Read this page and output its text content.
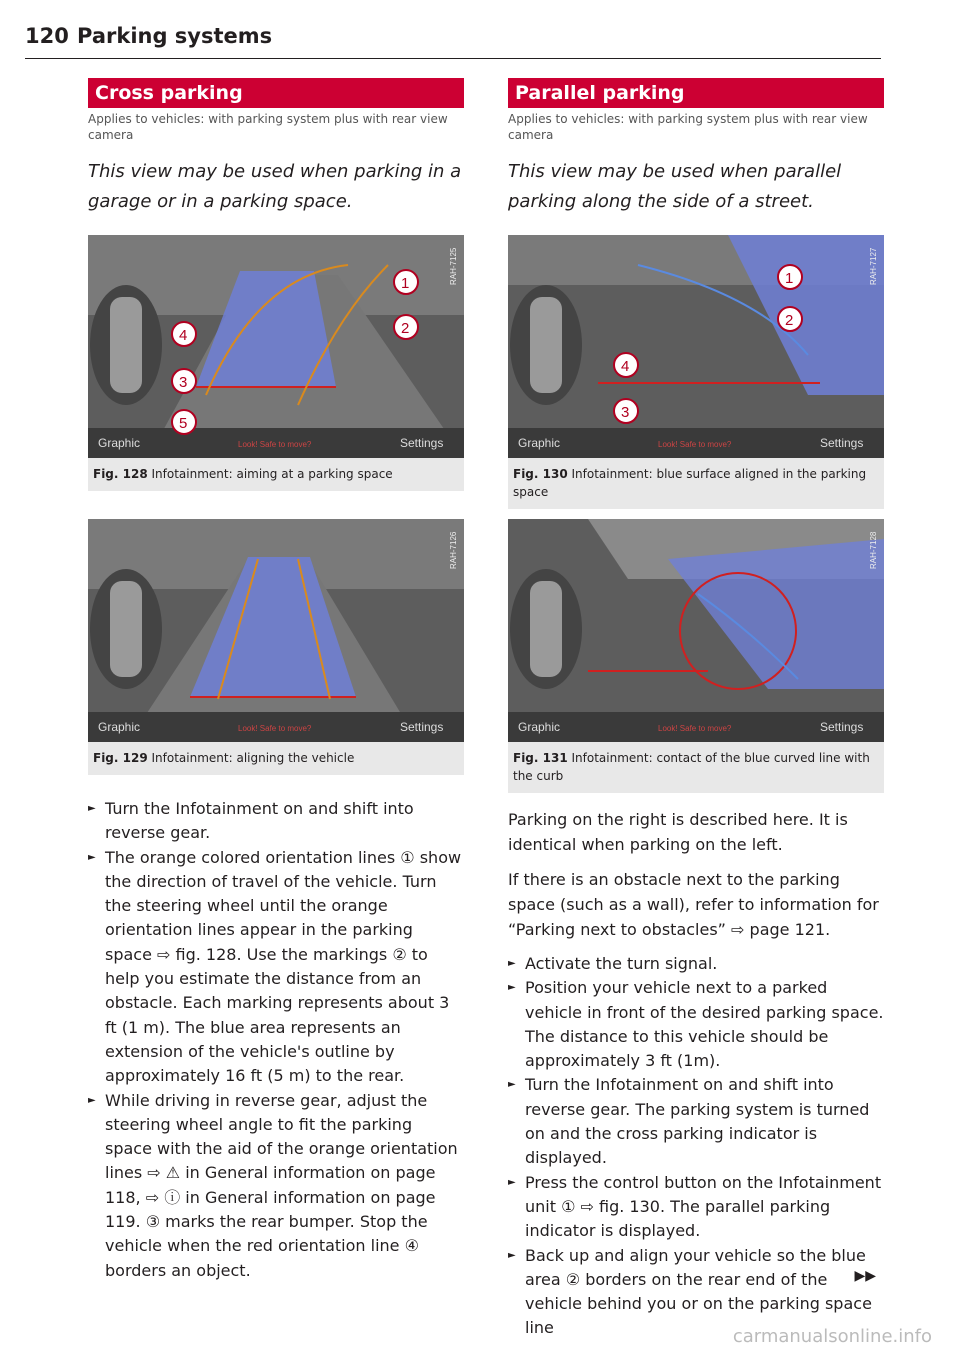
120 Parking systems
Cross parking
Applies to vehicles: with parking system plus with rear view camera
This view may be used when parking in a garage or in a parking space.
Graphic	Look! Safe to move?	Settings
1
2
4
3
5
RAH-7125
Fig. 128 Infotainment: aiming at a parking space
Graphic	Look! Safe to move?	Settings
RAH-7126
Fig. 129 Infotainment: aligning the vehicle
► Turn the Infotainment on and shift into reverse gear.
► The orange colored orientation lines ① show the direction of travel of the vehicle. Turn the steering wheel until the orange orientation lines appear in the parking space ⇨ fig. 128. Use the markings ② to help you estimate the distance from an obstacle. Each marking represents about 3 ft (1 m). The blue area represents an extension of the vehicle's outline by approximately 16 ft (5 m) to the rear.
► While driving in reverse gear, adjust the steering wheel angle to fit the parking space with the aid of the orange orientation lines ⇨ ⚠ in General information on page 118, ⇨ ⓘ in General information on page 119. ③ marks the rear bumper. Stop the vehicle when the red orientation line ④ borders an object.
Parallel parking
Applies to vehicles: with parking system plus with rear view camera
This view may be used when parallel parking along the side of a street.
Graphic	Look! Safe to move?	Settings
1
2
4
3
RAH-7127
Fig. 130 Infotainment: blue surface aligned in the parking space
Graphic	Look! Safe to move?	Settings
RAH-7128
Fig. 131 Infotainment: contact of the blue curved line with the curb
Parking on the right is described here. It is identical when parking on the left.
If there is an obstacle next to the parking space (such as a wall), refer to information for “Parking next to obstacles” ⇨ page 121.
► Activate the turn signal.
► Position your vehicle next to a parked vehicle in front of the desired parking space. The distance to this vehicle should be approximately 3 ft (1m).
► Turn the Infotainment on and shift into reverse gear. The parking system is turned on and the cross parking indicator is displayed.
► Press the control button on the Infotainment unit ① ⇨ fig. 130. The parallel parking indicator is displayed.
► Back up and align your vehicle so the blue area ② borders on the rear end of the vehicle behind you or on the parking space line
▶▶
carmanualsonline.info
